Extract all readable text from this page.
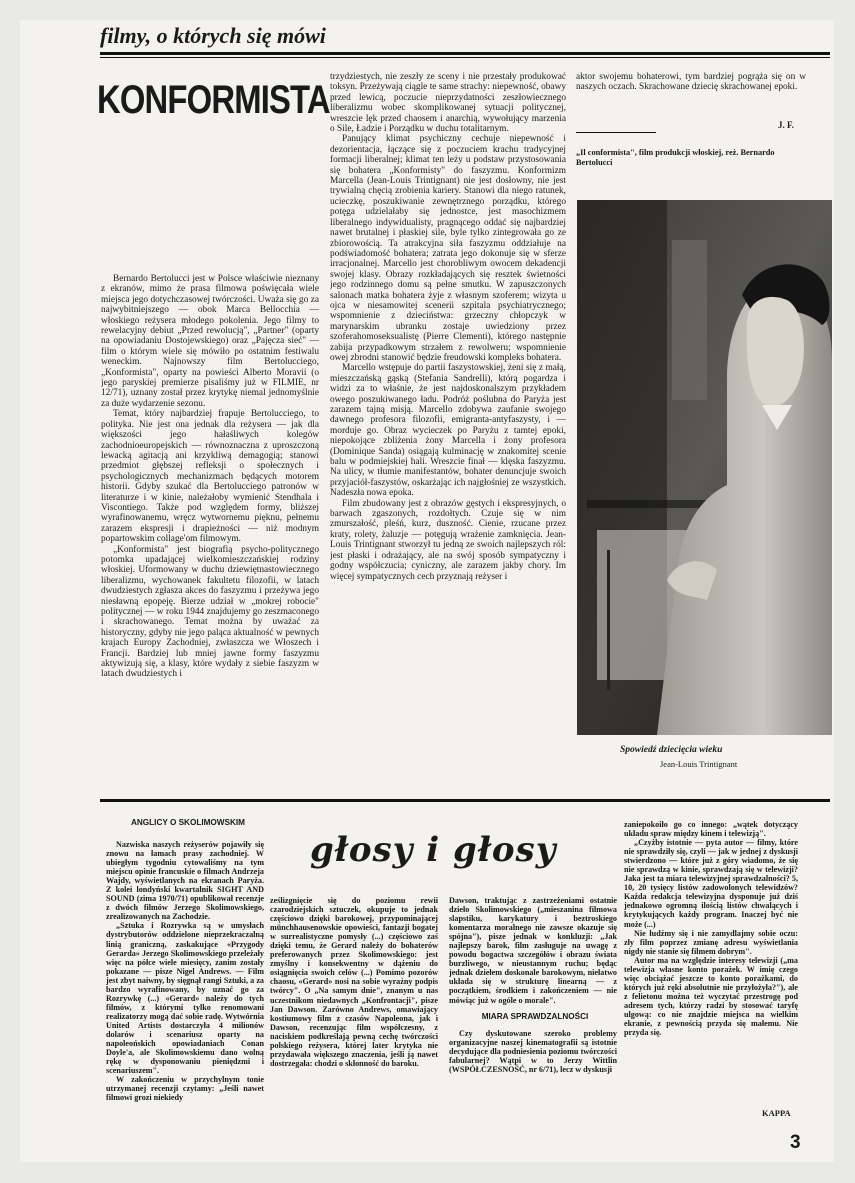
filmy, o których się mówi
KONFORMISTA

Bernardo Bertolucci jest w Polsce właściwie nieznany z ekranów, mimo że prasa filmowa poświęcała wiele miejsca jego dotychczasowej twórczości. Uważa się go za najwybitniejszego — obok Marca Bellocchia — włoskiego reżysera młodego pokolenia. Jego filmy to rewelacyjny debiut „Przed rewolucją", „Partner" (oparty na opowiadaniu Dostojewskiego) oraz „Pajęcza sieć" — film o którym wiele się mówiło po ostatnim festiwalu weneckim. Najnowszy film Bertolucciego, „Konformista", oparty na powieści Alberto Moravii (o jego paryskiej premierze pisaliśmy już w FILMIE, nr 12/71), uznany został przez krytykę niemal jednomyślnie za duże wydarzenie sezonu.

Temat, który najbardziej frapuje Bertolucciego, to polityka. Nie jest ona jednak dla reżysera — jak dla większości jego hałaśliwych kolegów zachodnioeuropejskich — równoznaczna z uproszczoną lewacką agitacją ani krzykliwą demagogią; stanowi przedmiot głębszej refleksji o społecznych i psychologicznych mechanizmach będących motorem historii. Gdyby szukać dla Bertolucciego patronów w literaturze i w kinie, należałoby wymienić Stendhala i Viscontiego. Także pod względem formy, bliższej wyrafinowanemu, wręcz wytwornemu pięknu, pełnemu zarazem ekspresji i drapieżności — niż modnym popartowskim collage'om filmowym.

„Konformista" jest biografią psycho-politycznego potomka upadającej wielkomieszczańskiej rodziny włoskiej. Uformowany w duchu dziewiętnastowiecznego liberalizmu, wychowanek fakultetu filozofii, w latach dwudziestych zgłasza akces do faszyzmu i przeżywa jego niesławną epopeję. Bierze udział w „mokrej robocie" politycznej — w roku 1944 znajdujemy go zeszmaconego i skrachowanego. Temat można by uważać za historyczny, gdyby nie jego paląca aktualność w pewnych krajach Europy Zachodniej, zwłaszcza we Włoszech i Francji. Bardziej lub mniej jawne formy faszyzmu aktywizują się, a klasy, które wydały z siebie faszyzm w latach dwudziestych i

trzydziestych, nie zeszły ze sceny i nie przestały produkować toksyn. Przeżywają ciągle te same strachy: niepewność, obawy przed lewicą, poczucie nieprzydatności zeszłowiecznego liberalizmu wobec skomplikowanej sytuacji politycznej, wreszcie lęk przed chaosem i anarchią, wywołujący marzenia o Sile, Ładzie i Porządku w duchu totalitarnym.

Panujący klimat psychiczny cechuje niepewność i dezorientacja, łączące się z poczuciem krachu tradycyjnej formacji liberalnej; klimat ten leży u podstaw przystosowania się bohatera „Konformisty" do faszyzmu. Konformizm Marcella (Jean-Louis Trintignant) nie jest dosłowny, nie jest trywialną chęcią zrobienia kariery. Stanowi dla niego ratunek, ucieczkę, poszukiwanie zewnętrznego porządku, którego potęga udzielałaby się jednostce, jest masochizmem liberalnego indywidualisty, pragnącego oddać się najbardziej nawet brutalnej i płaskiej sile, byle tylko zintegrowała go ze zbiorowością. Ta atrakcyjna siła faszyzmu oddziałuje na podświadomość bohatera; zatrata jego dokonuje się w sferze irracjonalnej. Marcello jest chorobliwym owocem dekadencji swojej klasy. Obrazy rozkładających się resztek świetności jego rodzinnego domu są pełne smutku. W zapuszczonych salonach matka bohatera żyje z własnym szoferem; wizyta u ojca w niesamowitej scenerii szpitala psychiatrycznego; wspomnienie z dzieciństwa: grzeczny chłopczyk w marynarskim ubranku zostaje uwiedziony przez szoferahomoseksualistę (Pierre Clementi), którego następnie zabija przypadkowym strzałem z rewolweru; wspomnienie owej zbrodni stanowić będzie freudowski kompleks bohatera.

Marcello wstępuje do partii faszystowskiej, żeni się z małą, mieszczańską gąską (Stefania Sandrelli), którą pogardza i widzi za to właśnie, że jest najdoskonalszym przykładem owego poszukiwanego ładu. Podróż poślubna do Paryża jest zarazem tajną misją. Marcello zdobywa zaufanie swojego dawnego profesora filozofii, emigranta-antyfaszysty, i — morduje go. Obraz wycieczek po Paryżu z tamtej epoki, niepokojące zbliżenia żony Marcella i żony profesora (Dominique Sanda) osiągają kulminację w znakomitej scenie balu w podmiejskiej hali. Wreszcie finał — klęska faszyzmu. Na ulicy, w tłumie manifestantów, bohater denuncjuje swoich przyjaciół-faszystów, oskarżając ich najgłośniej ze wszystkich. Nadeszła nowa epoka.

Film zbudowany jest z obrazów gęstych i ekspresyjnych, o barwach zgaszonych, rozdołtych. Czuje się w nim zmurszałość, pleśń, kurz, duszność. Cienie, rzucane przez kraty, rolety, żaluzje — potęgują wrażenie zamknięcia. Jean-Louis Trintignant stworzył tu jedną ze swoich najlepszych ról: jest płaski i odrażający, ale na swój sposób sympatyczny i godny współczucia; cyniczny, ale zarazem jakby chory. Im więcej sympatycznych cech przyznają reżyser i

aktor swojemu bohaterowi, tym bardziej pogrąża się on w naszych oczach. Skrachowane dziecię skrachowanej epoki.

J. F.
„Il conformista", film produkcji włoskiej, reż. Bernardo Bertolucci
Spowiedź dziecięcia wieku
Jean-Louis Trintignant
ANGLICY O SKOLIMOWSKIM

Nazwiska naszych reżyserów pojawiły się znowu na łamach prasy zachodniej. W ubiegłym tygodniu cytowaliśmy na tym miejscu opinie francuskie o filmach Andrzeja Wajdy, wyświetlanych na ekranach Paryża. Z kolei londyński kwartalnik SIGHT AND SOUND (zima 1970/71) opublikował recenzje z dwóch filmów Jerzego Skolimowskiego, zrealizowanych na Zachodzie.

„Sztuka i Rozrywka są w umysłach dystrybutorów oddzielone nieprzekraczalną linią graniczną, zaskakujące «Przygody Gerarda» Jerzego Skolimowskiego przeleżały więc na półce wiele miesięcy, zanim zostały pokazane — pisze Nigel Andrews. — Film jest zbyt naiwny, by sięgnął rangi Sztuki, a za bardzo wyrafinowany, by uznać go za Rozrywkę (...) «Gerard» należy do tych filmów, z którymi tylko renomowani realizatorzy mogą dać sobie radę. Wytwórnia United Artists dostarczyła 4 milionów dolarów i scenariusz oparty na napoleońskich opowiadaniach Conan Doyle'a, ale Skolimowskiemu dano wolną rękę w dysponowaniu pieniędzmi i scenariuszem".

W zakończeniu w przychylnym tonie utrzymanej recenzji czytamy: „Jeśli nawet filmowi grozi niekiedy

głosy i głosy

ześlizgnięcie się do poziomu rewii czarodziejskich sztuczek, okupuje to jednak częściowo dzięki barokowej, przypominającej münchhausenowskie opowieści, fantazji bogatej w surrealistyczne pomysły (...) częściowo zaś dzięki temu, że Gerard należy do bohaterów preferowanych przez Skolimowskiego: jest zmyślny i konsekwentny w dążeniu do osiągnięcia swoich celów (...) Pomimo pozorów chaosu, «Gerard» nosi na sobie wyraźny podpis twórcy". O „Na samym dnie", znanym u nas uczestnikom niedawnych „Konfrontacji", pisze Jan Dawson. Zarówno Andrews, omawiający kostiumowy film z czasów Napoleona, jak i Dawson, recenzując film współczesny, z naciskiem podkreślają pewną cechę twórczości polskiego reżysera, której later krytyka nie przydawała większego znaczenia, jeśli ją nawet dostrzegała: chodzi o skłonność do baroku.

Dawson, traktując z zastrzeżeniami ostatnie dzieło Skolimowskiego („mieszanina filmowa slapstiku, karykatury i beztroskiego komentarza moralnego nie zawsze okazuje się spójna"), pisze jednak w konkluzji: „Jak najlepszy barok, film zasługuje na uwagę z powodu bogactwa szczegółów i obrazu świata burzliwego, w nieustannym ruchu; będąc jednak dziełem doskonale barokowym, niełatwo układa się w strukturę linearną — z początkiem, środkiem i zakończeniem — nie mówiąc już w ogóle o morale".

MIARA SPRAWDZALNOŚCI

Czy dyskutowane szeroko problemy organizacyjne naszej kinematografii są istotnie decydujące dla podniesienia poziomu twórczości fabularnej? Wątpi w to Jerzy Wittlin (WSPÓŁCZESNOŚĆ, nr 6/71), lecz w dyskusji

zaniepokoiło go co innego: „wątek dotyczący układu spraw między kinem i telewizją".

„Czyżby istotnie — pyta autor — filmy, które nie sprawdziły się, czyli — jak w jednej z dyskusji stwierdzono — które już z góry wiadomo, że się nie sprawdzą w kinie, sprawdzają się w telewizji? Jaka jest ta miara telewizyjnej sprawdzalności? 5, 10, 20 tysięcy listów zadowolonych telewidzów? Każda redakcja telewizyjna dysponuje już dziś jednakowo ogromną ilością listów chwalących i krytykujących każdy program. Inaczej być nie może (...)

Nie łudźmy się i nie zamydlajmy sobie oczu: zły film poprzez zmianę adresu wyświetlania nigdy nie stanie się filmem dobrym".

Autor ma na względzie interesy telewizji („ma telewizja własne konto porażek. W imię czego więc obciążać jeszcze to konto porażkami, do których już ręki absolutnie nie przyłożyła?"), ale z felietonu można też wyczytać przestrogę pod adresem tych, którzy radzi by stosować taryfę ulgową: co nie znajdzie miejsca na wielkim ekranie, z pewnością przyda się małemu. Nie przyda się.

KAPPA
3
